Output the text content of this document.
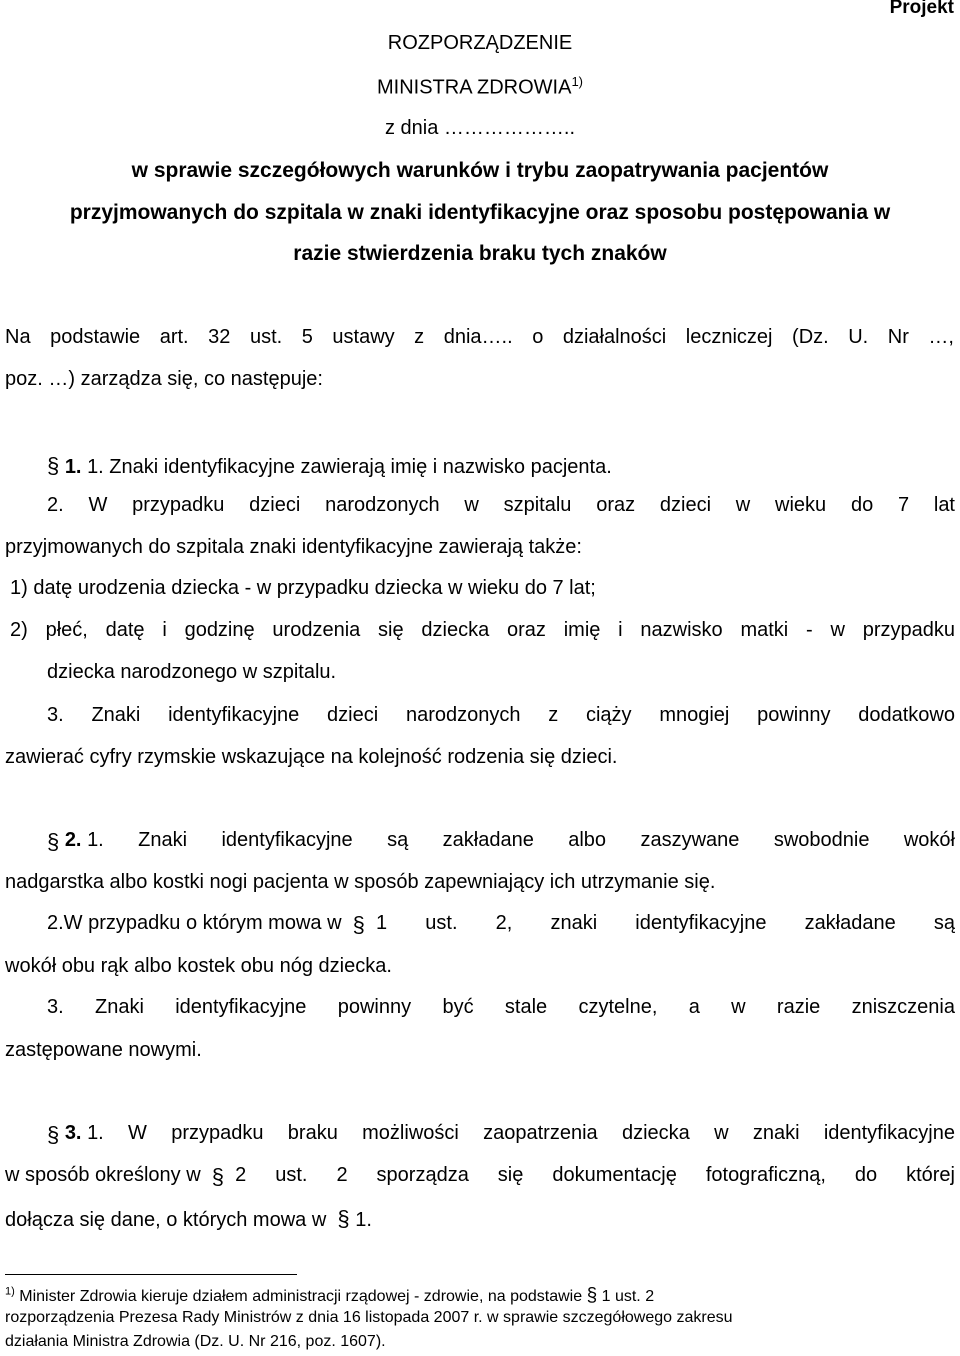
Projekt
ROZPORZĄDZENIE
MINISTRA ZDROWIA$^{1)}$
z dnia ………………..
w sprawie szczegółowych warunków i trybu zaopatrywania pacjentów
przyjmowanych do szpitala w znaki identyfikacyjne oraz sposobu postępowania w
razie stwierdzenia braku tych znaków
Na podstawie art. 32 ust. 5 ustawy z dnia….. o działalności leczniczej (Dz. U. Nr …,
poz. …) zarządza się, co następuje:
§ 1. 1. Znaki identyfikacyjne zawierają imię i nazwisko pacjenta.
2. W przypadku dzieci narodzonych w szpitalu oraz dzieci w wieku do 7 lat
przyjmowanych do szpitala znaki identyfikacyjne zawierają także:
1) datę urodzenia dziecka - w przypadku dziecka w wieku do 7 lat;
2) płeć, datę i godzinę urodzenia się dziecka oraz imię i nazwisko matki - w przypadku
dziecka narodzonego w szpitalu.
3. Znaki identyfikacyjne dzieci narodzonych z ciąży mnogiej powinny dodatkowo
zawierać cyfry rzymskie wskazujące na kolejność rodzenia się dzieci.
§
2.
1. Znaki identyfikacyjne są zakładane albo zaszywane swobodnie wokół
nadgarstka albo kostki nogi pacjenta w sposób zapewniający ich utrzymanie się.
2.W przypadku o którym mowa w
§
1 ust. 2, znaki identyfikacyjne zakładane są
wokół obu rąk albo kostek obu nóg dziecka.
3. Znaki identyfikacyjne powinny być stale czytelne, a w razie zniszczenia
zastępowane nowymi.
§
3.
1. W przypadku braku możliwości zaopatrzenia dziecka w znaki identyfikacyjne
w sposób określony w
§
2 ust. 2 sporządza się dokumentację fotograficzną, do której
dołącza się dane, o których mowa w § 1.
$^{1)}$ Minister Zdrowia kieruje działem administracji rządowej - zdrowie, na podstawie § 1 ust. 2
rozporządzenia Prezesa Rady Ministrów z dnia 16 listopada 2007 r. w sprawie szczegółowego zakresu
działania Ministra Zdrowia (Dz. U. Nr 216, poz. 1607).
